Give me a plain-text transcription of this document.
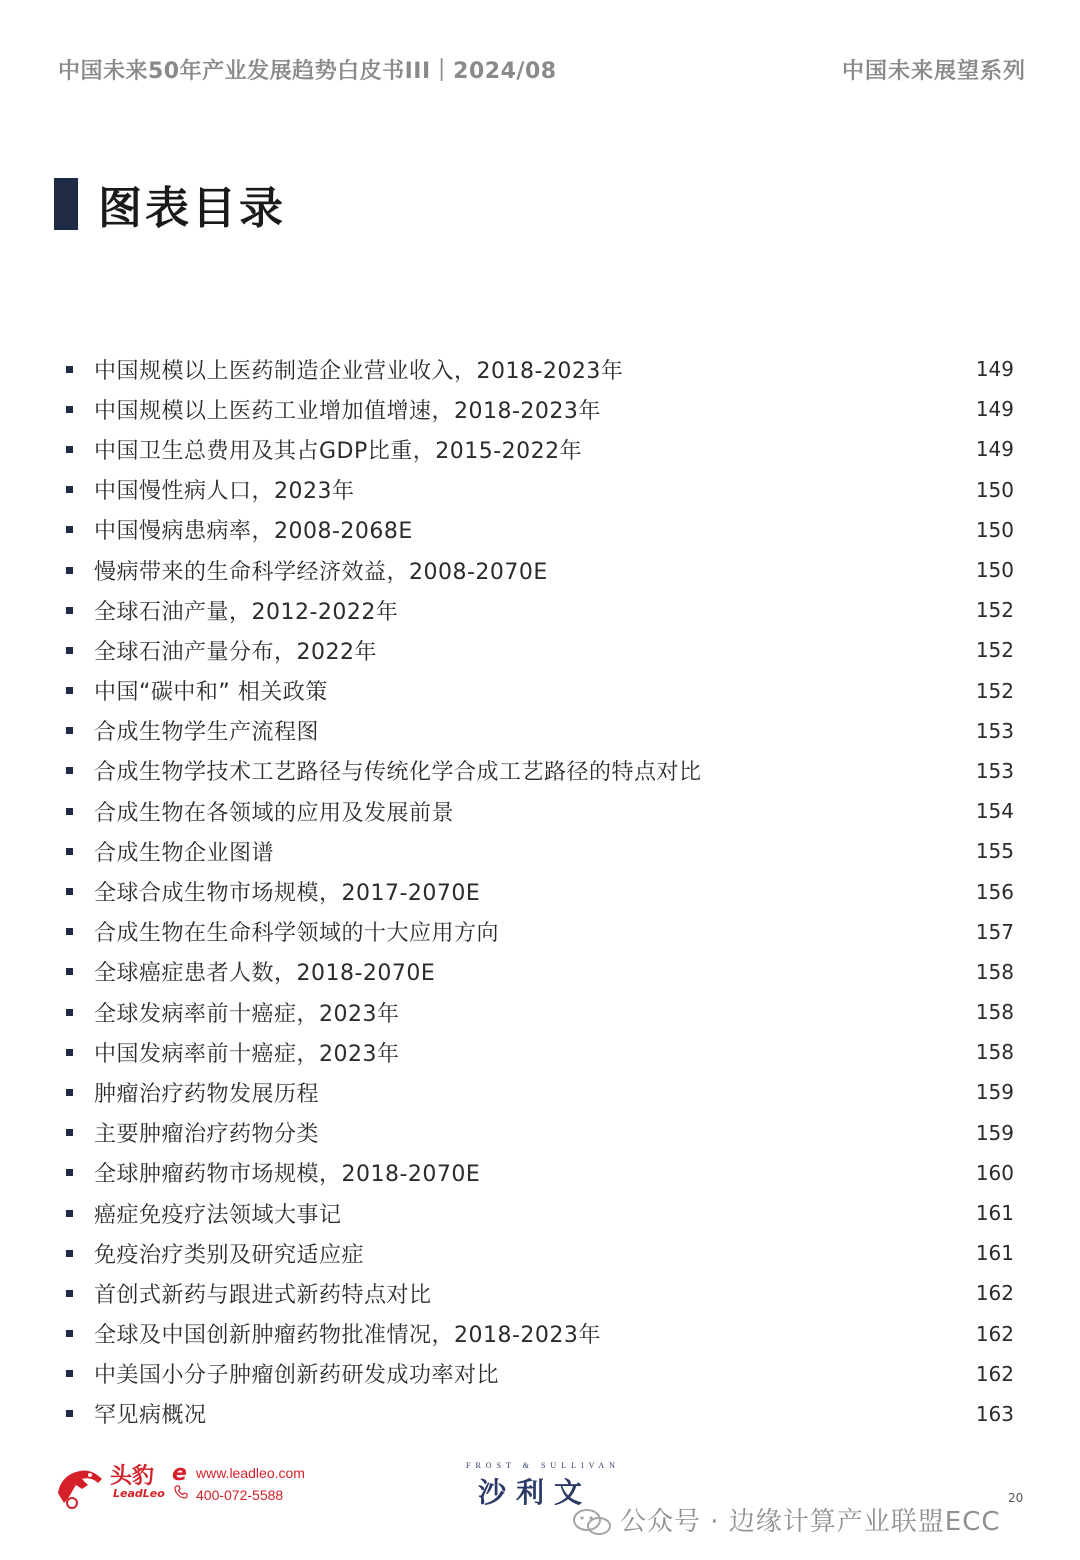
中国未来50年产业发展趋势白皮书III｜2024/08	中国未来展望系列
图表目录
中国规模以上医药制造企业营业收入，2018-2023年	149
中国规模以上医药工业增加值增速，2018-2023年	149
中国卫生总费用及其占GDP比重，2015-2022年	149
中国慢性病人口，2023年	150
中国慢病患病率，2008-2068E	150
慢病带来的生命科学经济效益，2008-2070E	150
全球石油产量，2012-2022年	152
全球石油产量分布，2022年	152
中国“碳中和” 相关政策	152
合成生物学生产流程图	153
合成生物学技术工艺路径与传统化学合成工艺路径的特点对比	153
合成生物在各领域的应用及发展前景	154
合成生物企业图谱	155
全球合成生物市场规模，2017-2070E	156
合成生物在生命科学领域的十大应用方向	157
全球癌症患者人数，2018-2070E	158
全球发病率前十癌症，2023年	158
中国发病率前十癌症，2023年	158
肿瘤治疗药物发展历程	159
主要肿瘤治疗药物分类	159
全球肿瘤药物市场规模，2018-2070E	160
癌症免疫疗法领域大事记	161
免疫治疗类别及研究适应症	161
首创式新药与跟进式新药特点对比	162
全球及中国创新肿瘤药物批准情况，2018-2023年	162
中美国小分子肿瘤创新药研发成功率对比	162
罕见病概况	163
头豹
LeadLeo
e www.leadleo.com
400-072-5588
FROST & SULLIVAN
沙利文	20
公众号 · 边缘计算产业联盟ECC
